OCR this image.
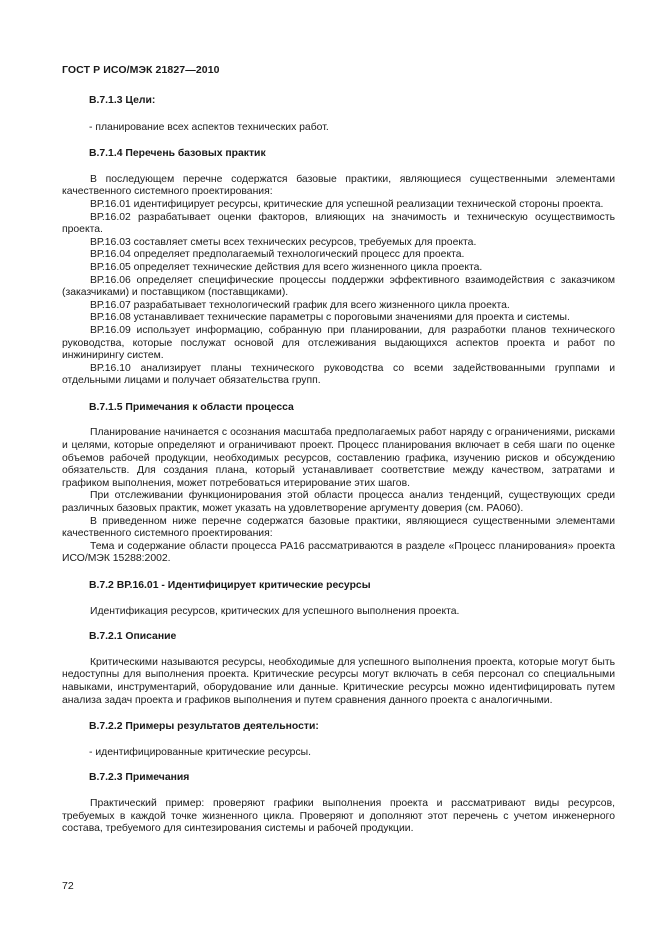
ГОСТ Р ИСО/МЭК 21827—2010

В.7.1.3 Цели:

- планирование всех аспектов технических работ.

В.7.1.4 Перечень базовых практик

В последующем перечне содержатся базовые практики, являющиеся существенными элементами качественного системного проектирования:

ВР.16.01 идентифицирует ресурсы, критические для успешной реализации технической стороны проекта.

ВР.16.02 разрабатывает оценки факторов, влияющих на значимость и техническую осуществимость проекта.

ВР.16.03 составляет сметы всех технических ресурсов, требуемых для проекта.

ВР.16.04 определяет предполагаемый технологический процесс для проекта.

ВР.16.05 определяет технические действия для всего жизненного цикла проекта.

ВР.16.06 определяет специфические процессы поддержки эффективного взаимодействия с заказчиком (заказчиками) и поставщиком (поставщиками).

ВР.16.07 разрабатывает технологический график для всего жизненного цикла проекта.

ВР.16.08 устанавливает технические параметры с пороговыми значениями для проекта и системы.

ВР.16.09 использует информацию, собранную при планировании, для разработки планов технического руководства, которые послужат основой для отслеживания выдающихся аспектов проекта и работ по инжинирингу систем.

ВР.16.10 анализирует планы технического руководства со всеми задействованными группами и отдельными лицами и получает обязательства групп.

В.7.1.5 Примечания к области процесса

Планирование начинается с осознания масштаба предполагаемых работ наряду с ограничениями, рисками и целями, которые определяют и ограничивают проект. Процесс планирования включает в себя шаги по оценке объемов рабочей продукции, необходимых ресурсов, составлению графика, изучению рисков и обсуждению обязательств. Для создания плана, который устанавливает соответствие между качеством, затратами и графиком выполнения, может потребоваться итерирование этих шагов.

При отслеживании функционирования этой области процесса анализ тенденций, существующих среди различных базовых практик, может указать на удовлетворение аргументу доверия (см. РА060).

В приведенном ниже перечне содержатся базовые практики, являющиеся существенными элементами качественного системного проектирования:

Тема и содержание области процесса РА16 рассматриваются в разделе «Процесс планирования» проекта ИСО/МЭК 15288:2002.

В.7.2 ВР.16.01 - Идентифицирует критические ресурсы

Идентификация ресурсов, критических для успешного выполнения проекта.

В.7.2.1 Описание

Критическими называются ресурсы, необходимые для успешного выполнения проекта, которые могут быть недоступны для выполнения проекта. Критические ресурсы могут включать в себя персонал со специальными навыками, инструментарий, оборудование или данные. Критические ресурсы можно идентифицировать путем анализа задач проекта и графиков выполнения и путем сравнения данного проекта с аналогичными.

В.7.2.2 Примеры результатов деятельности:

- идентифицированные критические ресурсы.

В.7.2.3 Примечания

Практический пример: проверяют графики выполнения проекта и рассматривают виды ресурсов, требуемых в каждой точке жизненного цикла. Проверяют и дополняют этот перечень с учетом инженерного состава, требуемого для синтезирования системы и рабочей продукции.

72
